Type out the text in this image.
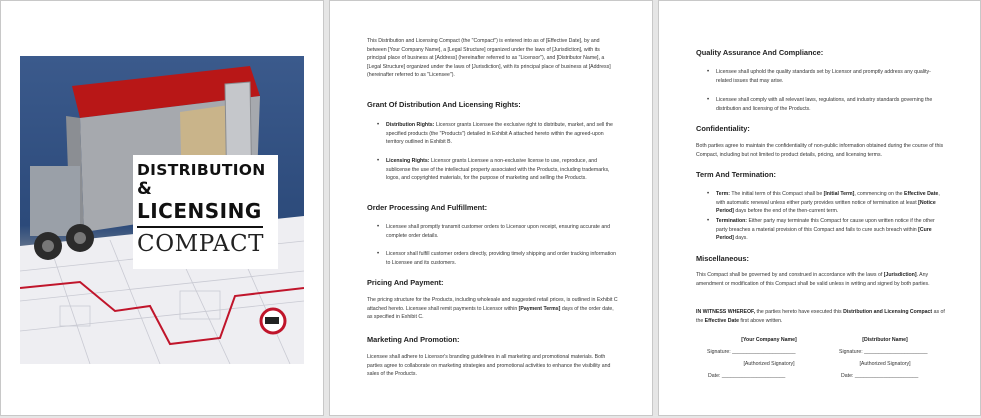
DISTRIBUTION
&
LICENSING
COMPACT
This Distribution and Licensing Compact (the "Compact") is entered into as of [Effective Date], by and between [Your Company Name], a [Legal Structure] organized under the laws of [Jurisdiction], with its principal place of business at [Address] (hereinafter referred to as "Licensor"), and [Distributor Name], a [Legal Structure] organized under the laws of [Jurisdiction], with its principal place of business at [Address] (hereinafter referred to as "Licensee").
Grant Of Distribution And Licensing Rights:
• Distribution Rights: Licensor grants Licensee the exclusive right to distribute, market, and sell the specified products (the "Products") detailed in Exhibit A attached hereto within the agreed-upon territory outlined in Exhibit B.
• Licensing Rights: Licensor grants Licensee a non-exclusive license to use, reproduce, and sublicense the use of the intellectual property associated with the Products, including trademarks, logos, and copyrighted materials, for the purpose of marketing and selling the Products.
Order Processing And Fulfillment:
• Licensee shall promptly transmit customer orders to Licensor upon receipt, ensuring accurate and complete order details.
• Licensor shall fulfill customer orders directly, providing timely shipping and order tracking information to Licensee and its customers.
Pricing And Payment:
The pricing structure for the Products, including wholesale and suggested retail prices, is outlined in Exhibit C attached hereto. Licensee shall remit payments to Licensor within [Payment Terms] days of the order date, as specified in Exhibit C.
Marketing And Promotion:
Licensee shall adhere to Licensor's branding guidelines in all marketing and promotional materials. Both parties agree to collaborate on marketing strategies and promotional activities to enhance the visibility and sales of the Products.
Quality Assurance And Compliance:
• Licensee shall uphold the quality standards set by Licensor and promptly address any quality-related issues that may arise.
• Licensee shall comply with all relevant laws, regulations, and industry standards governing the distribution and licensing of the Products.
Confidentiality:
Both parties agree to maintain the confidentiality of non-public information obtained during the course of this Compact, including but not limited to product details, pricing, and licensing terms.
Term And Termination:
• Term: The initial term of this Compact shall be [Initial Term], commencing on the Effective Date, with automatic renewal unless either party provides written notice of termination at least [Notice Period] days before the end of the then-current term.
• Termination: Either party may terminate this Compact for cause upon written notice if the other party breaches a material provision of this Compact and fails to cure such breach within [Cure Period] days.
Miscellaneous:
This Compact shall be governed by and construed in accordance with the laws of [Jurisdiction]. Any amendment or modification of this Compact shall be valid unless in writing and signed by both parties.
IN WITNESS WHEREOF, the parties hereto have executed this Distribution and Licensing Compact as of the Effective Date first above written.
[Your Company Name]	[Distributor Name]
Signature: ______________________	Signature: ______________________
[Authorized Signatory]	[Authorized Signatory]
Date: ______________________	Date: ______________________
